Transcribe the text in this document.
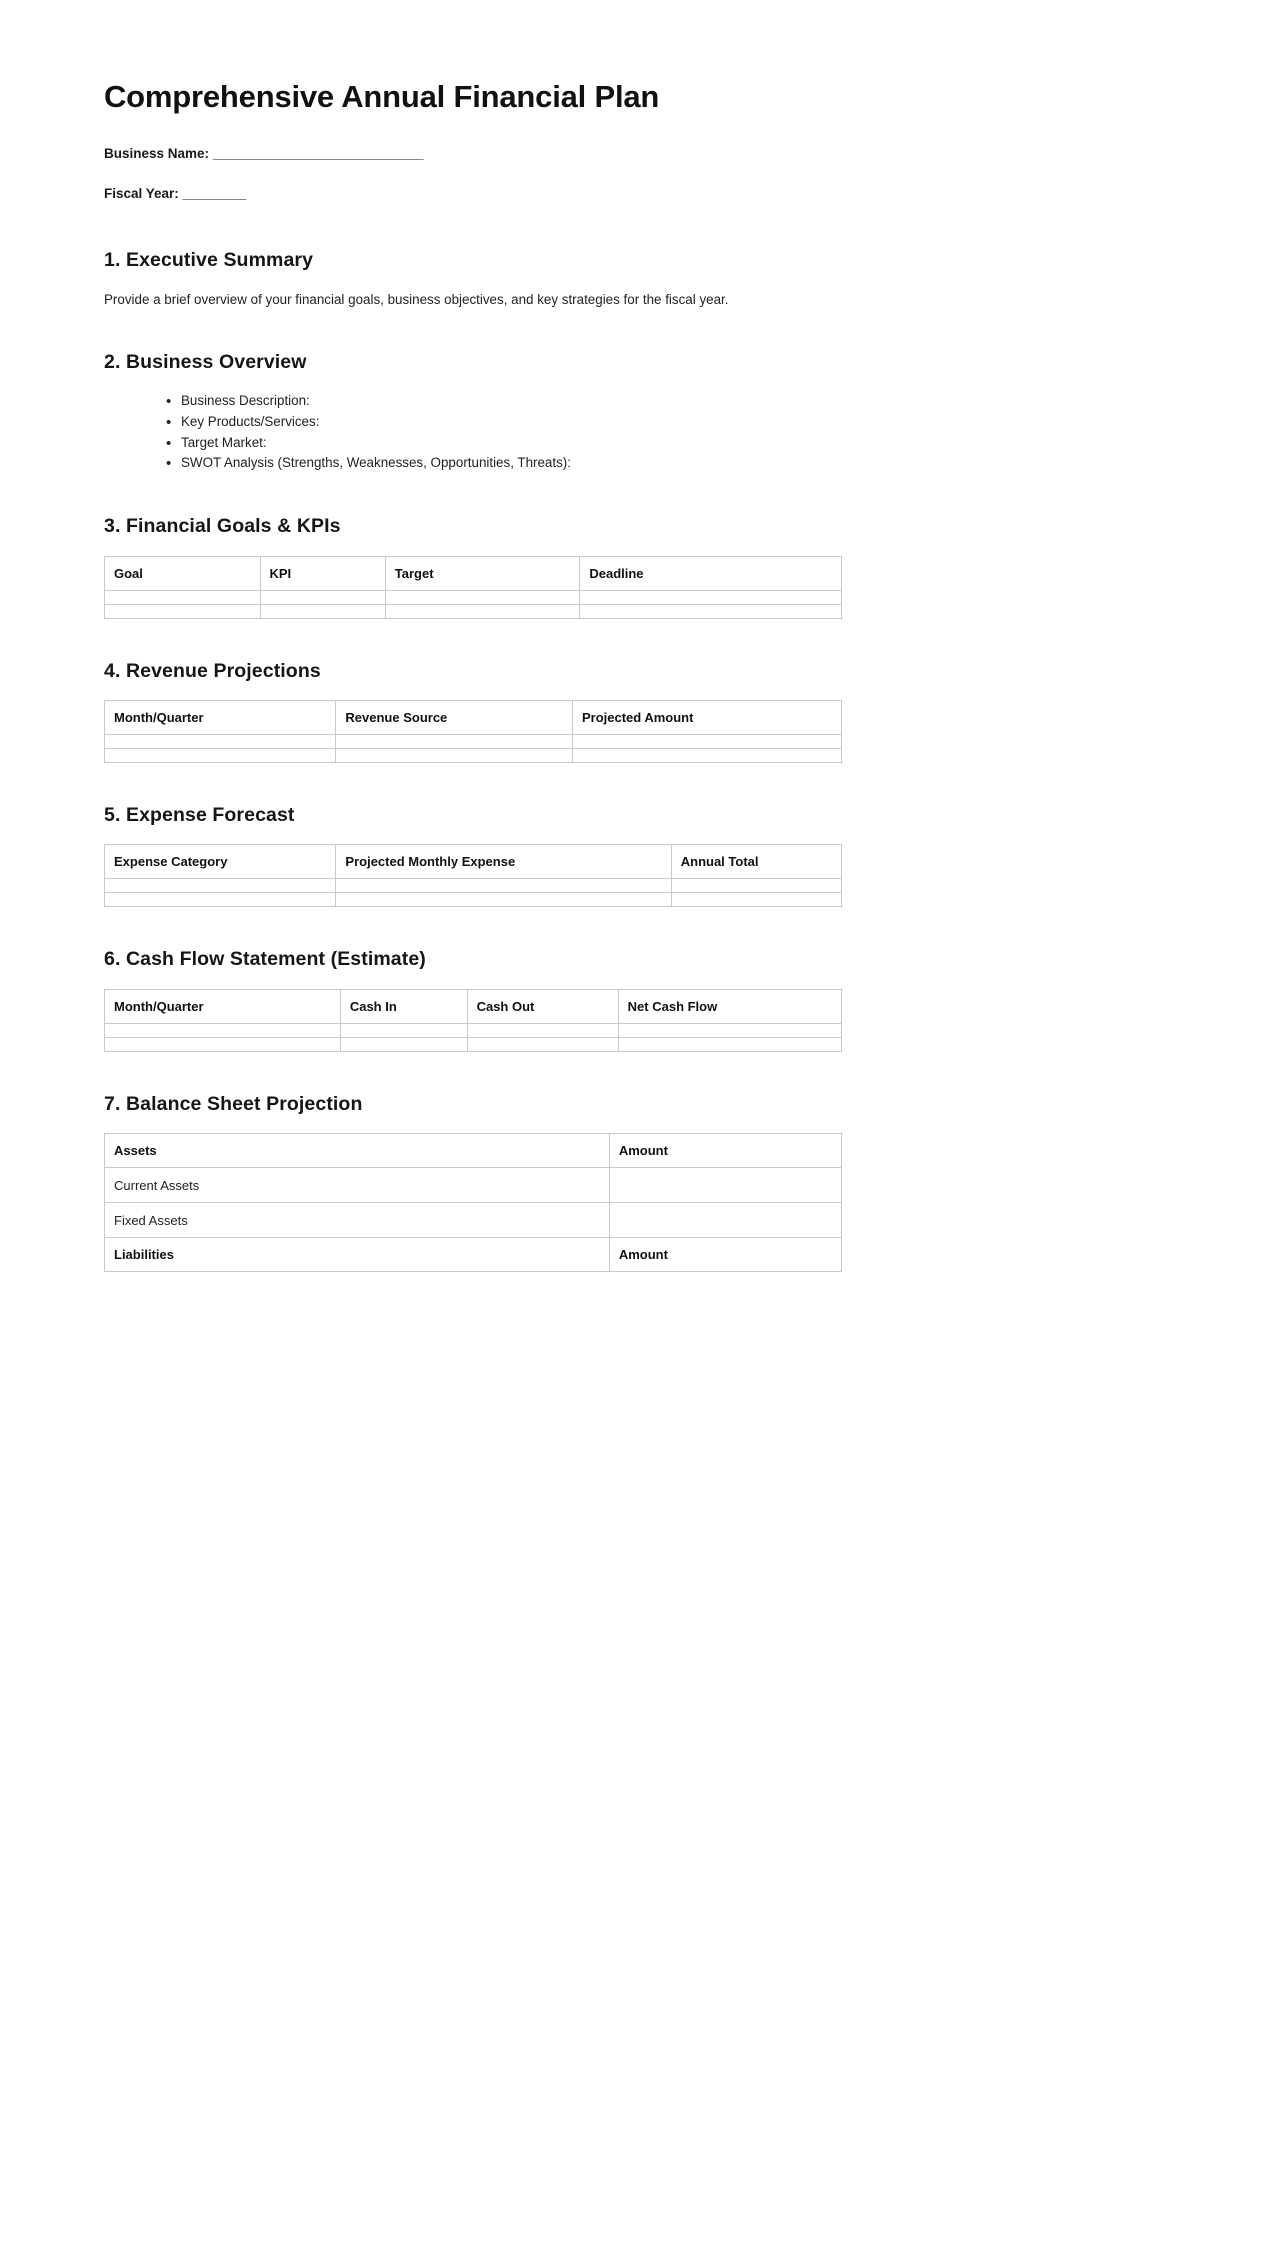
Comprehensive Annual Financial Plan
Business Name: ______________________________
Fiscal Year: _________
1. Executive Summary

Provide a brief overview of your financial goals, business objectives, and key strategies for the fiscal year.

2. Business Overview
• Business Description:
• Key Products/Services:
• Target Market:
• SWOT Analysis (Strengths, Weaknesses, Opportunities, Threats):
3. Financial Goals & KPIs
Goal	KPI	Target	Deadline

4. Revenue Projections
Month/Quarter	Revenue Source	Projected Amount

5. Expense Forecast
Expense Category	Projected Monthly Expense	Annual Total

6. Cash Flow Statement (Estimate)
Month/Quarter	Cash In	Cash Out	Net Cash Flow

7. Balance Sheet Projection
Assets	Amount
Current Assets	
Fixed Assets	
Liabilities	Amount
